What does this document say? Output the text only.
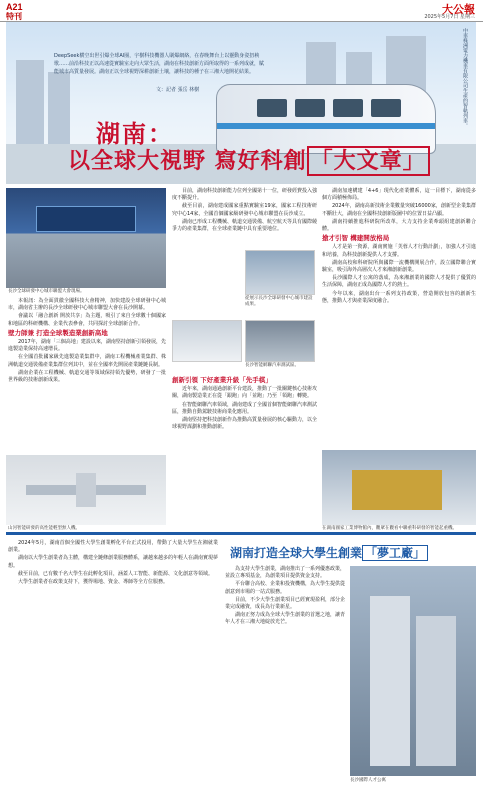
A21
特刊
大公報
2025年5月7日 星期三

DeepSeek横空出世引爆全球AI圈，宇樹科技機器人刷爆網絡，在春晚舞台上以靈動身姿扭秧歌……前沿科技正以高速從實驗室走向大眾生活，湖南在科技創新方面所取得的一系列成就，賦能城市高質量發展。湖南正以全球視野深耕創新土壤，讓科技的種子在三湘大地開花結果。

文：記者 張岳 林樹	中車株洲電力機車有限公司生產的智軌列車。
湖南：
以全球大視野 寫好科創 「大文章」
長沙全球研發中心城市聯盟大會現場。

本報訊：為全面貫徹全國科技大會精神，加快建設全球研發中心城市，湖南省主辦的長沙全球研發中心城市聯盟大會在長沙開幕。

會議以「融合創新 開放共享」為主題，吸引了來自全球數十個國家和地區的科研機構、企業代表參會，共同探討全球創新合作。

壁力師兼 打造全球製造業創新高地

2017年，湖南「三個高地」建設以來，湖南堅持創新引領發展，先進製造業保持高速增長。

在全國首批國家級先進製造業集群中，湖南工程機械產業集群、株洲軌道交通裝備產業集群位列其中，並在全國率先開展產業鏈鏈長制。

湖南企業在工程機械、軌道交通等領域保持領先優勢，研發了一批世界級的技術創新成果。

山河智能研發的高性能輕型無人機。

目前，湖南科技創新能力位列全國第十一位，研發經費投入強度不斷提升。

截至目前，湖南建成國家重點實驗室19家，國家工程技術研究中心14家，全國首個國家級研發中心城市聯盟在長沙成立。

湖南已形成工程機械、軌道交通裝備、航空航天等具有國際競爭力的產業集群，在全球產業鏈中具有重要地位。

從展示長沙全球研發中心城市建設成果。
長沙智能網聯汽車測試區。
創新引領 下好產業升級「先手棋」

近年來，湖南通過創新平台建設，推動了一批關鍵核心技術攻關，湖南製造業正在從「跟跑」向「並跑」乃至「領跑」轉變。

在智能網聯汽車領域，湖南建成了全國首個智能網聯汽車測試區，推動自動駕駛技術商業化應用。

湖南堅持把科技創新作為推動高質量發展的核心驅動力，以全球視野謀劃和推動創新。

湖南加速構建「4+6」現代化產業體系，這一目標下，湖南從多個方面積極佈局。

2024年，湖南高新技術企業數量突破16000家，創新型企業集群不斷壯大，湖南在全國科技創新版圖中的位置日益凸顯。

湖南持續推進科研院所改革，大力支持企業牽頭組建創新聯合體。

搶才引智 構建開放格局

人才是第一資源，湖南實施「芙蓉人才行動計劃」，加強人才引進和培養，為科技創新提供人才支撐。

湖南高校和科研院所與國際一流機構開展合作，設立國際聯合實驗室，吸引海外高層次人才來湘創新創業。

長沙國際人才公寓的落成，為來湘創業的國際人才提供了優質的生活保障，湖南正成為國際人才的熱土。

今年以來，湖南出台一系列支持政策，營造開放包容的創新生態，推動人才與產業深度融合。

在湖南國家工業博物館內，觀眾在觀看中聯重科研發的智能起重機。
湖南打造全球大學生創業 「夢工廠」

2024年5月，湖南首個全國性大學生創業孵化平台正式投用，帶動了大量大學生在湘就業創業。

湖南以大學生創業者為主體，構建全鏈條創業服務體系，讓越來越多的年輕人在湖南實現夢想。

截至目前，已有數千名大學生在此孵化項目，涵蓋人工智能、新能源、文化創意等領域。

大學生創業者在政策支持下，獲得場地、資金、導師等全方位服務。

為支持大學生創業，湖南推出了一系列優惠政策，並設立專項基金，為創業項目提供資金支持。

平台聯合高校、企業和投資機構，為大學生提供從創意到市場的一站式服務。

目前，不少大學生創業項目已經實現盈利，部分企業完成融資，成長為行業新星。

湖南正努力成為全球大學生創業的首選之地，讓青年人才在三湘大地綻放光芒。

長沙國際人才公寓
